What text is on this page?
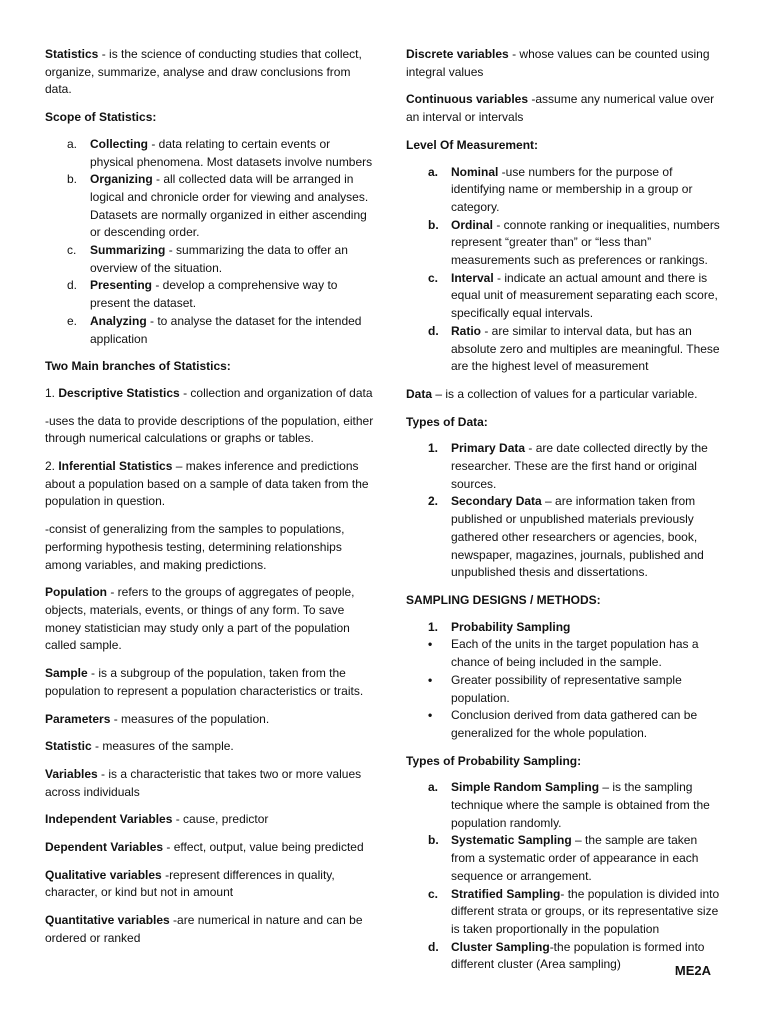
Statistics - is the science of conducting studies that collect, organize, summarize, analyse and draw conclusions from data.

Scope of Statistics:

a. Collecting - data relating to certain events or physical phenomena. Most datasets involve numbers
b. Organizing - all collected data will be arranged in logical and chronicle order for viewing and analyses. Datasets are normally organized in either ascending or descending order.
c. Summarizing - summarizing the data to offer an overview of the situation.
d. Presenting - develop a comprehensive way to present the dataset.
e. Analyzing - to analyse the dataset for the intended application

Two Main branches of Statistics:

1. Descriptive Statistics - collection and organization of data

-uses the data to provide descriptions of the population, either through numerical calculations or graphs or tables.

2. Inferential Statistics – makes inference and predictions about a population based on a sample of data taken from the population in question.

-consist of generalizing from the samples to populations, performing hypothesis testing, determining relationships among variables, and making predictions.

Population - refers to the groups of aggregates of people, objects, materials, events, or things of any form. To save money statistician may study only a part of the population called sample.

Sample - is a subgroup of the population, taken from the population to represent a population characteristics or traits.

Parameters - measures of the population.

Statistic - measures of the sample.

Variables - is a characteristic that takes two or more values across individuals

Independent Variables - cause, predictor

Dependent Variables - effect, output, value being predicted

Qualitative variables -represent differences in quality, character, or kind but not in amount

Quantitative variables -are numerical in nature and can be ordered or ranked

Discrete variables - whose values can be counted using integral values

Continuous variables -assume any numerical value over an interval or intervals

Level Of Measurement:

a. Nominal -use numbers for the purpose of identifying name or membership in a group or category.
b. Ordinal - connote ranking or inequalities, numbers represent “greater than” or “less than” measurements such as preferences or rankings.
c. Interval - indicate an actual amount and there is equal unit of measurement separating each score, specifically equal intervals.
d. Ratio - are similar to interval data, but has an absolute zero and multiples are meaningful. These are the highest level of measurement

Data – is a collection of values for a particular variable.

Types of Data:

1. Primary Data - are date collected directly by the researcher. These are the first hand or original sources.
2. Secondary Data – are information taken from published or unpublished materials previously gathered other researchers or agencies, book, newspaper, magazines, journals, published and unpublished thesis and dissertations.

SAMPLING DESIGNS / METHODS:

1. Probability Sampling
• Each of the units in the target population has a chance of being included in the sample.
• Greater possibility of representative sample population.
• Conclusion derived from data gathered can be generalized for the whole population.

Types of Probability Sampling:

a. Simple Random Sampling – is the sampling technique where the sample is obtained from the population randomly.
b. Systematic Sampling – the sample are taken from a systematic order of appearance in each sequence or arrangement.
c. Stratified Sampling- the population is divided into different strata or groups, or its representative size is taken proportionally in the population
d. Cluster Sampling-the population is formed into different cluster (Area sampling)	ME2A
